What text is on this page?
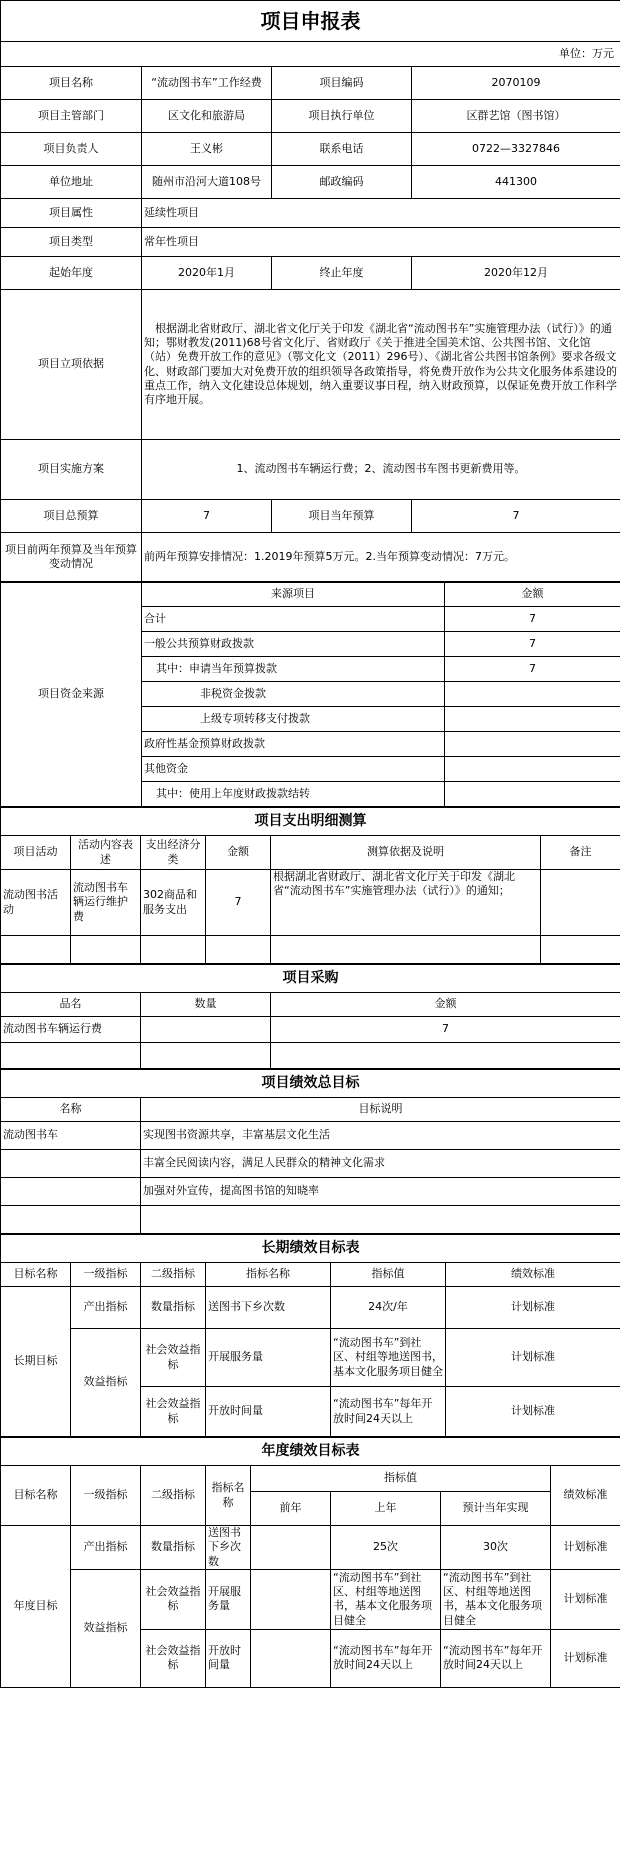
项目申报表			
单位：万元			
项目名称	“流动图书车”工作经费	项目编码	2070109
项目主管部门	区文化和旅游局	项目执行单位	区群艺馆（图书馆）
项目负责人	王义彬	联系电话	0722—3327846
单位地址	随州市沿河大道108号	邮政编码	441300
项目属性	延续性项目		
项目类型	常年性项目		
起始年度	2020年1月	终止年度	2020年12月
项目立项依据	根据湖北省财政厅、湖北省文化厅关于印发《湖北省“流动图书车”实施管理办法（试行）》的通知；鄂财教发(2011)68号省文化厅、省财政厅《关于推进全国美术馆、公共图书馆、文化馆（站）免费开放工作的意见》（鄂文化文（2011）296号）、《湖北省公共图书馆条例》要求各级文化、财政部门要加大对免费开放的组织领导各政策指导，将免费开放作为公共文化服务体系建设的重点工作，纳入文化建设总体规划，纳入重要议事日程，纳入财政预算，以保证免费开放工作科学有序地开展。		
项目实施方案	1、流动图书车辆运行费；2、流动图书车图书更新费用等。		
项目总预算	7	项目当年预算	7
项目前两年预算及当年预算变动情况	前两年预算安排情况：1.2019年预算5万元。2.当年预算变动情况：7万元。		
项目资金来源	来源项目	金额
	合计	7
	一般公共预算财政拨款	7
	其中：申请当年预算拨款	7
	非税资金拨款	
	上级专项转移支付拨款	
	政府性基金预算财政拨款	
	其他资金	
	其中：使用上年度财政拨款结转	
项目支出明细测算					
项目活动	活动内容表述	支出经济分类	金额	测算依据及说明	备注
流动图书活动	流动图书车辆运行维护费	302商品和服务支出	7	根据湖北省财政厅、湖北省文化厅关于印发《湖北省“流动图书车”实施管理办法（试行）》的通知；	

项目采购		
品名	数量	金额
流动图书车辆运行费		7

项目绩效总目标	
名称	目标说明
流动图书车	实现图书资源共享，丰富基层文化生活
	丰富全民阅读内容，满足人民群众的精神文化需求
	加强对外宣传，提高图书馆的知晓率

长期绩效目标表					
目标名称	一级指标	二级指标	指标名称	指标值	绩效标准
长期目标	产出指标	数量指标	送图书下乡次数	24次/年	计划标准
	效益指标	社会效益指标	开展服务量	“流动图书车”到社区、村组等地送图书，基本文化服务项目健全	计划标准
		社会效益指标	开放时间量	“流动图书车”每年开放时间24天以上	计划标准
年度绩效目标表							
目标名称	一级指标	二级指标	指标名称	指标值			绩效标准
				前年	上年	预计当年实现	
年度目标	产出指标	数量指标	送图书下乡次数		25次	30次	计划标准
	效益指标	社会效益指标	开展服务量		“流动图书车”到社区、村组等地送图书，基本文化服务项目健全	“流动图书车”到社区、村组等地送图书，基本文化服务项目健全	计划标准
		社会效益指标	开放时间量		“流动图书车”每年开放时间24天以上	“流动图书车”每年开放时间24天以上	计划标准
